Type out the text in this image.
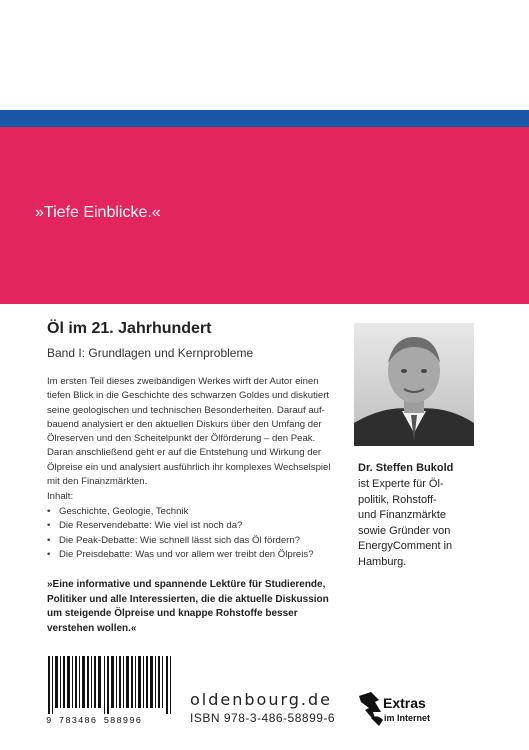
»Tiefe Einblicke.«
Öl im 21. Jahrhundert
Band I: Grundlagen und Kernprobleme

Im ersten Teil dieses zweibändigen Werkes wirft der Autor einen

tiefen Blick in die Geschichte des schwarzen Goldes und diskutiert

seine geologischen und technischen Besonderheiten. Darauf auf-

bauend analysiert er den aktuellen Diskurs über den Umfang der

Ölreserven und den Scheitelpunkt der Ölförderung – den Peak.

Daran anschließend geht er auf die Entstehung und Wirkung der

Ölpreise ein und analysiert ausführlich ihr komplexes Wechselspiel

mit den Finanzmärkten.

Inhalt:
• Geschichte, Geologie, Technik
• Die Reservendebatte: Wie viel ist noch da?
• Die Peak-Debatte: Wie schnell lässt sich das Öl fördern?
• Die Preisdebatte: Was und vor allem wer treibt den Ölpreis?

»Eine informative und spannende Lektüre für Studierende, Politiker und alle Interessierten, die die aktuelle Diskussion um steigende Ölpreise und knappe Rohstoffe besser verstehen wollen.«

Dr. Steffen Bukold
ist Experte für Öl-
politik, Rohstoff-
und Finanzmärkte
sowie Gründer von
EnergyComment in
Hamburg.
9 783486 588996
oldenbourg.de
ISBN 978-3-486-58899-6
Extras
im Internet
